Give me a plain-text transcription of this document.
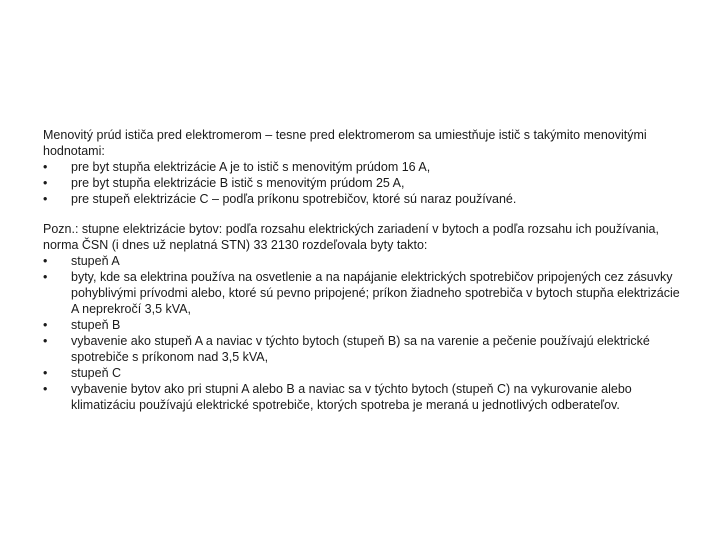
Menovitý prúd ističa pred elektromerom – tesne pred elektromerom sa umiestňuje istič s takýmito menovitými hodnotami:

•	pre byt stupňa elektrizácie A je to istič s menovitým prúdom 16 A,
•	pre byt stupňa elektrizácie B istič s menovitým prúdom 25 A,
•	pre stupeň elektrizácie C – podľa príkonu spotrebičov, ktoré sú naraz používané.

Pozn.: stupne elektrizácie bytov: podľa rozsahu elektrických zariadení v bytoch a podľa rozsahu ich používania, norma ČSN (i dnes už neplatná STN) 33 2130 rozdeľovala byty takto:

•	stupeň A
•	byty, kde sa elektrina používa na osvetlenie a na napájanie elektrických spotrebičov pripojených cez zásuvky pohyblivými prívodmi alebo, ktoré sú pevno pripojené; príkon žiadneho spotrebiča v bytoch stupňa elektrizácie A neprekročí 3,5 kVA,
•	stupeň B
•	vybavenie ako stupeň A a naviac v týchto bytoch (stupeň B) sa na varenie a pečenie používajú elektrické spotrebiče s príkonom nad 3,5 kVA,
•	stupeň C
•	vybavenie bytov ako pri stupni A alebo B a naviac sa v týchto bytoch (stupeň C) na vykurovanie alebo klimatizáciu používajú elektrické spotrebiče, ktorých spotreba je meraná u jednotlivých odberateľov.
